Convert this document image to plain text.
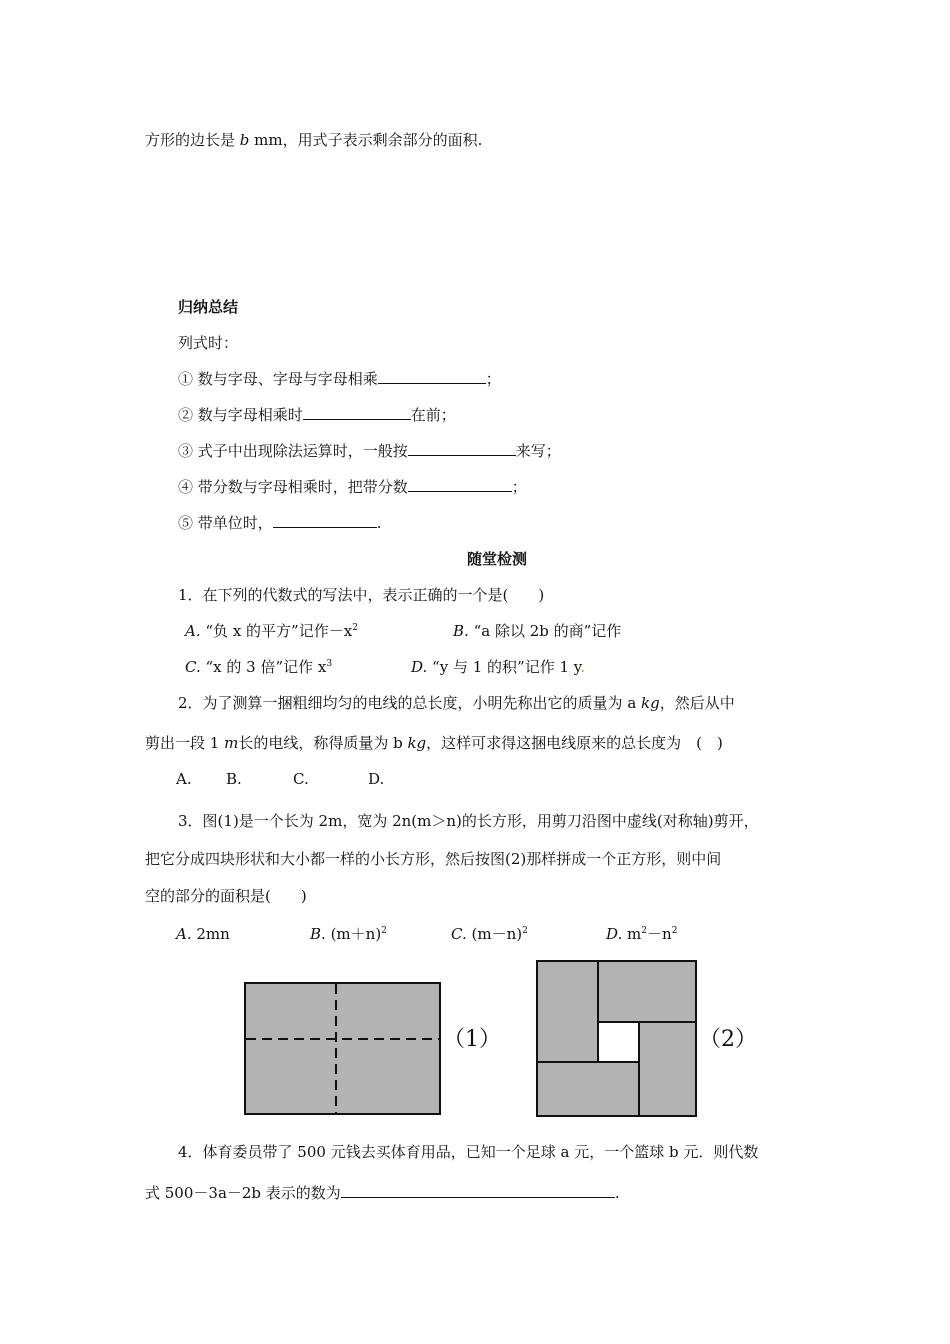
方形的边长是 b mm，用式子表示剩余部分的面积.
归纳总结
列式时：
① 数与字母、字母与字母相乘	；
② 数与字母相乘时	在前；
③ 式子中出现除法运算时，一般按	来写；
④ 带分数与字母相乘时，把带分数	；
⑤ 带单位时，	.
随堂检测
1．在下列的代数式的写法中，表示正确的一个是(　　)
A. “负 x 的平方”记作$-x^2$	B. “a 除以 2b 的商”记作
C. “x 的 3 倍”记作 $x^3$	D. “y 与 1 的积”记作 1 y.
2．为了测算一捆粗细均匀的电线的总长度，小明先称出它的质量为 a kg，然后从中
剪出一段 1 m长的电线，称得质量为 b kg，这样可求得这捆电线原来的总长度为　(　)
A. B.	C.	D.
3．图(1)是一个长为 2m，宽为 2n(m＞n)的长方形，用剪刀沿图中虚线(对称轴)剪开，
把它分成四块形状和大小都一样的小长方形，然后按图(2)那样拼成一个正方形，则中间
空的部分的面积是(　　)
A. 2mn	B. $(m+n)^2$	C. $(m-n)^2$	D. $m^2-n^2$
（1）	（2）
4．体育委员带了 500 元钱去买体育用品，已知一个足球 a 元，一个篮球 b 元．则代数
式 500－3a－2b 表示的数为	.
